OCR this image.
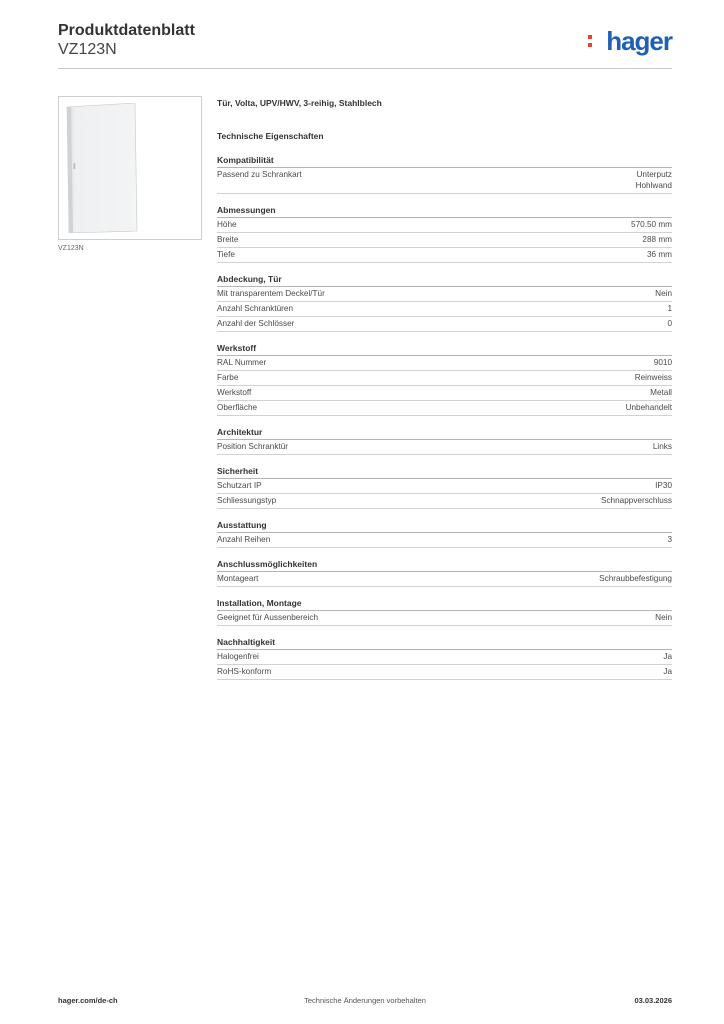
Produktdatenblatt
VZ123N	hager
VZ123N
Tür, Volta, UPV/HWV, 3-reihig, Stahlblech
Technische Eigenschaften
Kompatibilität
Passend zu Schrankart	Unterputz
Hohlwand
Abmessungen
Höhe	570.50 mm
Breite	288 mm
Tiefe	36 mm
Abdeckung, Tür
Mit transparentem Deckel/Tür	Nein
Anzahl Schranktüren	1
Anzahl der Schlösser	0
Werkstoff
RAL Nummer	9010
Farbe	Reinweiss
Werkstoff	Metall
Oberfläche	Unbehandelt
Architektur
Position Schranktür	Links
Sicherheit
Schutzart IP	IP30
Schliessungstyp	Schnappverschluss
Ausstattung
Anzahl Reihen	3
Anschlussmöglichkeiten
Montageart	Schraubbefestigung
Installation, Montage
Geeignet für Aussenbereich	Nein
Nachhaltigkeit
Halogenfrei	Ja
RoHS-konform	Ja
hager.com/de-ch	Technische Änderungen vorbehalten	03.03.2026
